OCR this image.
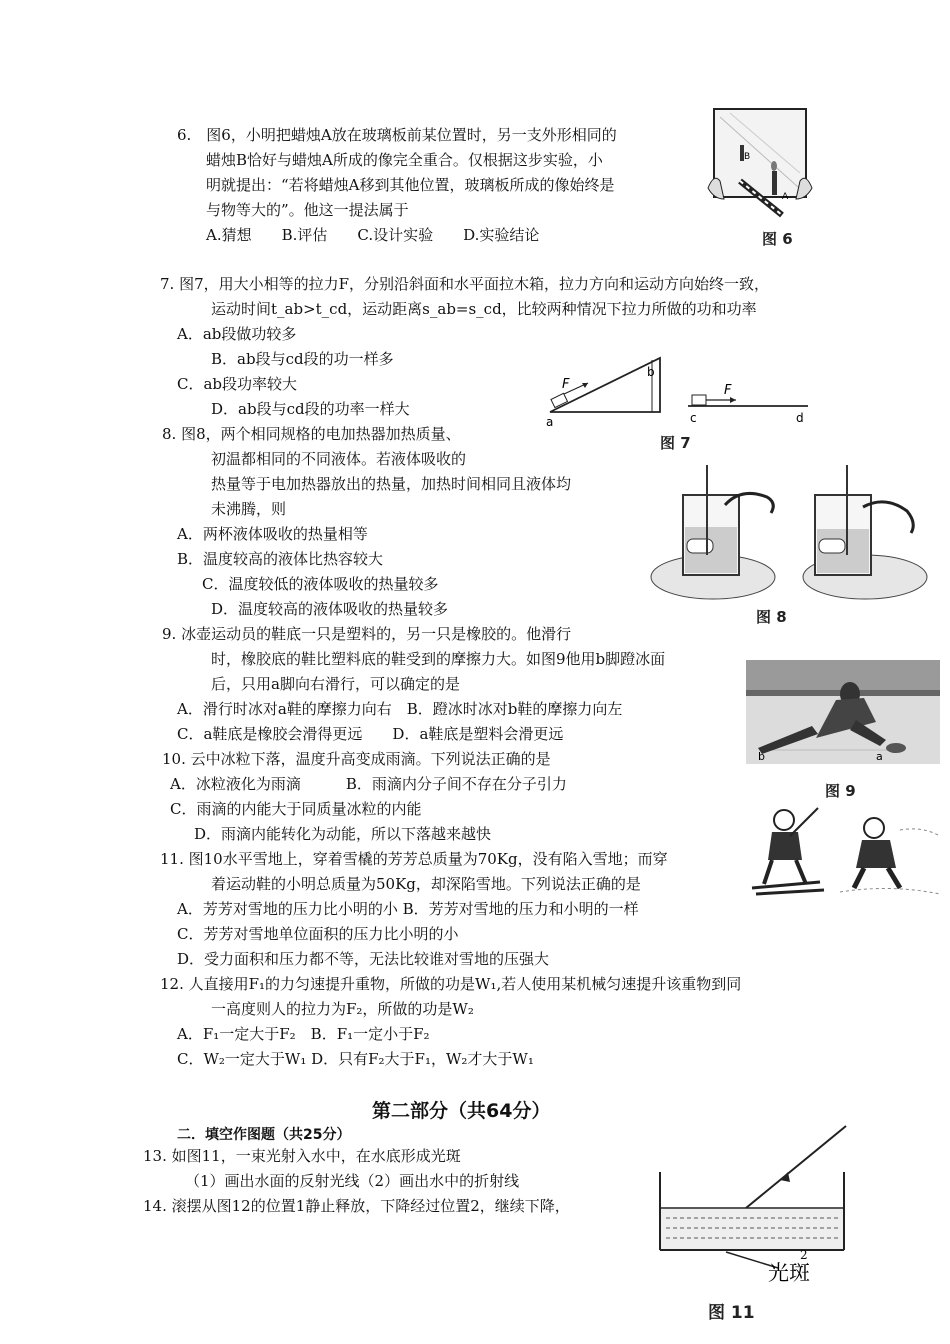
6.　图6，小明把蜡烛A放在玻璃板前某位置时，另一支外形相同的
蜡烛B恰好与蜡烛A所成的像完全重合。仅根据这步实验，小
明就提出：“若将蜡烛A移到其他位置，玻璃板所成的像始终是
与物等大的”。他这一提法属于
A.猜想　　B.评估　　C.设计实验　　D.实验结论
B
A
图 6
7. 图7，用大小相等的拉力F，分别沿斜面和水平面拉木箱，拉力方向和运动方向始终一致，
运动时间t_ab>t_cd，运动距离s_ab=s_cd，比较两种情况下拉力所做的功和功率
A．ab段做功较多
B．ab段与cd段的功一样多
C．ab段功率较大
D．ab段与cd段的功率一样大
F
a
b
F
c	d
图 7
8. 图8，两个相同规格的电加热器加热质量、
初温都相同的不同液体。若液体吸收的
热量等于电加热器放出的热量，加热时间相同且液体均
未沸腾，则
A．两杯液体吸收的热量相等
B．温度较高的液体比热容较大
C．温度较低的液体吸收的热量较多
D．温度较高的液体吸收的热量较多	图 8
9. 冰壶运动员的鞋底一只是塑料的，另一只是橡胶的。他滑行
时，橡胶底的鞋比塑料底的鞋受到的摩擦力大。如图9他用b脚蹬冰面
后，只用a脚向右滑行，可以确定的是
A．滑行时冰对a鞋的摩擦力向右　B．蹬冰时冰对b鞋的摩擦力向左
C．a鞋底是橡胶会滑得更远　　D．a鞋底是塑料会滑更远
b	a
图 9
10. 云中冰粒下落，温度升高变成雨滴。下列说法正确的是
A．冰粒液化为雨滴　　　B．雨滴内分子间不存在分子引力
C．雨滴的内能大于同质量冰粒的内能
D．雨滴内能转化为动能，所以下落越来越快
11. 图10水平雪地上，穿着雪橇的芳芳总质量为70Kg，没有陷入雪地；而穿
着运动鞋的小明总质量为50Kg，却深陷雪地。下列说法正确的是
A．芳芳对雪地的压力比小明的小 B．芳芳对雪地的压力和小明的一样
C．芳芳对雪地单位面积的压力比小明的小
D．受力面积和压力都不等，无法比较谁对雪地的压强大
12. 人直接用F₁的力匀速提升重物，所做的功是W₁,若人使用某机械匀速提升该重物到同
一高度则人的拉力为F₂，所做的功是W₂
A．F₁一定大于F₂　B．F₁一定小于F₂
C．W₂一定大于W₁ D．只有F₂大于F₁，W₂才大于W₁
第二部分（共64分）
二．填空作图题（共25分）
13. 如图11，一束光射入水中，在水底形成光斑
（1）画出水面的反射光线（2）画出水中的折射线
14. 滚摆从图12的位置1静止释放，下降经过位置2，继续下降，
光斑
图 11
2
